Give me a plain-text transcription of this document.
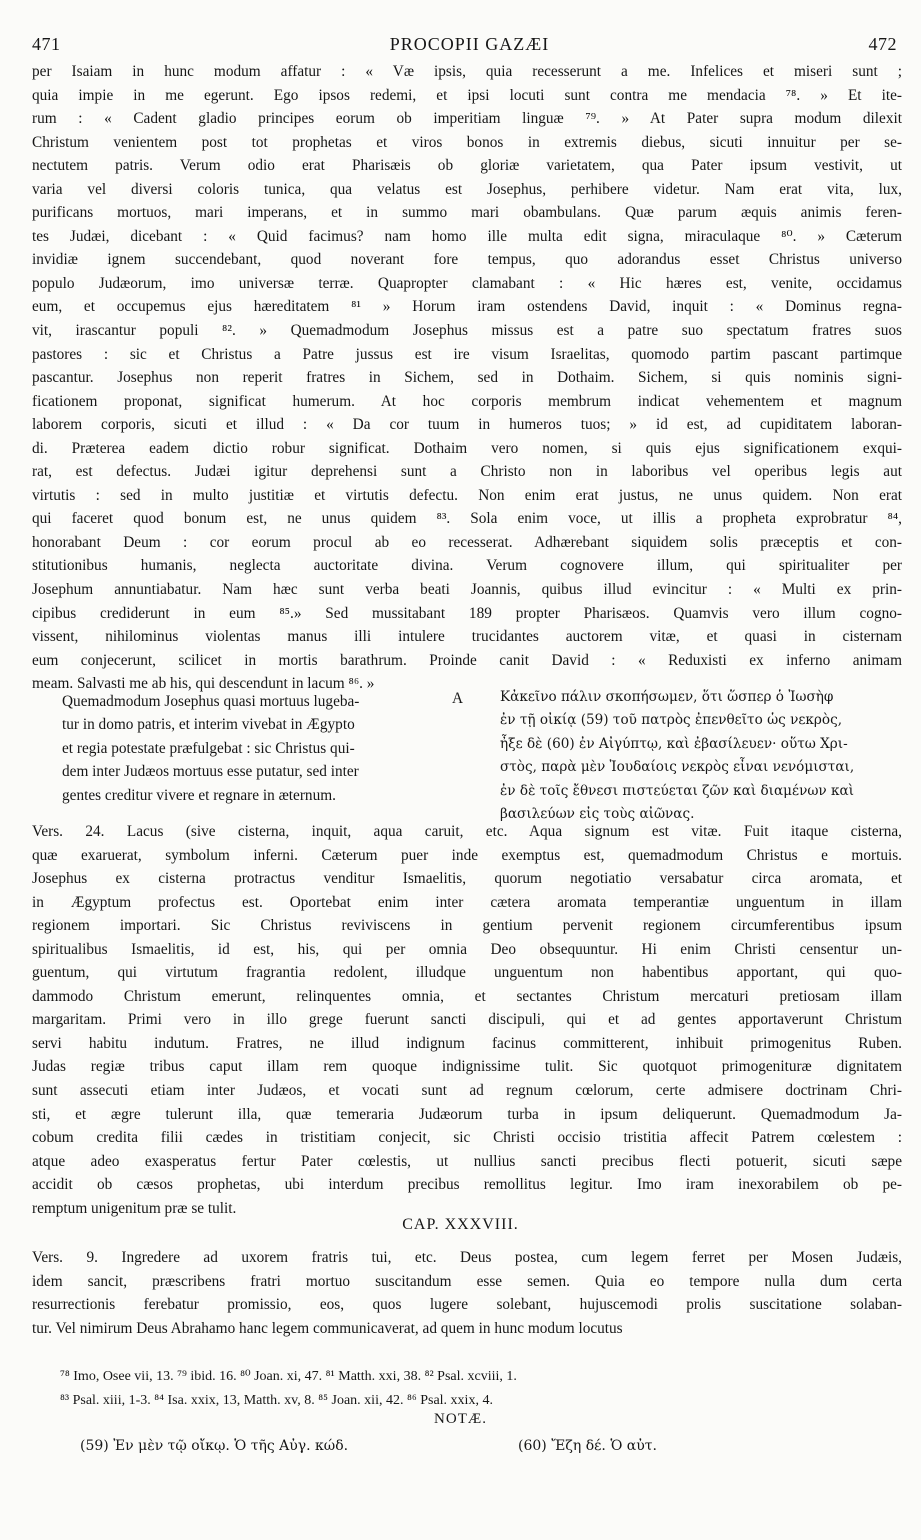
471	PROCOPII GAZÆI	472
per Isaiam in hunc modum affatur : « Væ ipsis, quia recesserunt a me. Infelices et miseri sunt ;
quia impie in me egerunt. Ego ipsos redemi, et ipsi locuti sunt contra me mendacia ⁷⁸. » Et ite-
rum : « Cadent gladio principes eorum ob imperitiam linguæ ⁷⁹. » At Pater supra modum dilexit
Christum venientem post tot prophetas et viros bonos in extremis diebus, sicuti innuitur per se-
nectutem patris. Verum odio erat Pharisæis ob gloriæ varietatem, qua Pater ipsum vestivit, ut
varia vel diversi coloris tunica, qua velatus est Josephus, perhibere videtur. Nam erat vita, lux,
purificans mortuos, mari imperans, et in summo mari obambulans. Quæ parum æquis animis feren-
tes Judæi, dicebant : « Quid facimus? nam homo ille multa edit signa, miraculaque ⁸⁰. » Cæterum
invidiæ ignem succendebant, quod noverant fore tempus, quo adorandus esset Christus universo
populo Judæorum, imo universæ terræ. Quapropter clamabant : « Hic hæres est, venite, occidamus
eum, et occupemus ejus hæreditatem ⁸¹ » Horum iram ostendens David, inquit : « Dominus regna-
vit, irascantur populi ⁸². » Quemadmodum Josephus missus est a patre suo spectatum fratres suos
pastores : sic et Christus a Patre jussus est ire visum Israelitas, quomodo partim pascant partimque
pascantur. Josephus non reperit fratres in Sichem, sed in Dothaim. Sichem, si quis nominis signi-
ficationem proponat, significat humerum. At hoc corporis membrum indicat vehementem et magnum
laborem corporis, sicuti et illud : « Da cor tuum in humeros tuos; » id est, ad cupiditatem laboran-
di. Præterea eadem dictio robur significat. Dothaim vero nomen, si quis ejus significationem exqui-
rat, est defectus. Judæi igitur deprehensi sunt a Christo non in laboribus vel operibus legis aut
virtutis : sed in multo justitiæ et virtutis defectu. Non enim erat justus, ne unus quidem. Non erat
qui faceret quod bonum est, ne unus quidem ⁸³. Sola enim voce, ut illis a propheta exprobratur ⁸⁴,
honorabant Deum : cor eorum procul ab eo recesserat. Adhærebant siquidem solis præceptis et con-
stitutionibus humanis, neglecta auctoritate divina. Verum cognovere illum, qui spiritualiter per
Josephum annuntiabatur. Nam hæc sunt verba beati Joannis, quibus illud evincitur : « Multi ex prin-
cipibus crediderunt in eum ⁸⁵.» Sed mussitabant 189 propter Pharisæos. Quamvis vero illum cogno-
vissent, nihilominus violentas manus illi intulere trucidantes auctorem vitæ, et quasi in cisternam
eum conjecerunt, scilicet in mortis barathrum. Proinde canit David : « Reduxisti ex inferno animam
meam. Salvasti me ab his, qui descendunt in lacum ⁸⁶. »
Quemadmodum Josephus quasi mortuus lugeba-
tur in domo patris, et interim vivebat in Ægypto
et regia potestate præfulgebat : sic Christus qui-
dem inter Judæos mortuus esse putatur, sed inter
gentes creditur vivere et regnare in æternum.
A	Κἀκεῖνο πάλιν σκοπήσωμεν, ὅτι ὥσπερ ὁ Ἰωσὴφ
ἐν τῇ οἰκίᾳ (59) τοῦ πατρὸς ἐπενθεῖτο ὡς νεκρὸς,
ἦξε δὲ (60) ἐν Αἰγύπτῳ, καὶ ἐβασίλευεν· οὕτω Χρι-
στὸς, παρὰ μὲν Ἰουδαίοις νεκρὸς εἶναι νενόμισται,
ἐν δὲ τοῖς ἔθνεσι πιστεύεται ζῶν καὶ διαμένων καὶ
βασιλεύων εἰς τοὺς αἰῶνας.
Vers. 24. Lacus (sive cisterna, inquit, aqua caruit, etc. Aqua signum est vitæ. Fuit itaque cisterna,
quæ exaruerat, symbolum inferni. Cæterum puer inde exemptus est, quemadmodum Christus e mortuis.
Josephus ex cisterna protractus venditur Ismaelitis, quorum negotiatio versabatur circa aromata, et
in Ægyptum profectus est. Oportebat enim inter cætera aromata temperantiæ unguentum in illam
regionem importari. Sic Christus reviviscens in gentium pervenit regionem circumferentibus ipsum
spiritualibus Ismaelitis, id est, his, qui per omnia Deo obsequuntur. Hi enim Christi censentur un-
guentum, qui virtutum fragrantia redolent, illudque unguentum non habentibus apportant, qui quo-
dammodo Christum emerunt, relinquentes omnia, et sectantes Christum mercaturi pretiosam illam
margaritam. Primi vero in illo grege fuerunt sancti discipuli, qui et ad gentes apportaverunt Christum
servi habitu indutum. Fratres, ne illud indignum facinus committerent, inhibuit primogenitus Ruben.
Judas regiæ tribus caput illam rem quoque indignissime tulit. Sic quotquot primogenituræ dignitatem
sunt assecuti etiam inter Judæos, et vocati sunt ad regnum cœlorum, certe admisere doctrinam Chri-
sti, et ægre tulerunt illa, quæ temeraria Judæorum turba in ipsum deliquerunt. Quemadmodum Ja-
cobum credita filii cædes in tristitiam conjecit, sic Christi occisio tristitia affecit Patrem cœlestem :
atque adeo exasperatus fertur Pater cœlestis, ut nullius sancti precibus flecti potuerit, sicuti sæpe
accidit ob cæsos prophetas, ubi interdum precibus remollitus legitur. Imo iram inexorabilem ob pe-
remptum unigenitum præ se tulit.
CAP. XXXVIII.
Vers. 9. Ingredere ad uxorem fratris tui, etc. Deus postea, cum legem ferret per Mosen Judæis,
idem sancit, præscribens fratri mortuo suscitandum esse semen. Quia eo tempore nulla dum certa
resurrectionis ferebatur promissio, eos, quos lugere solebant, hujuscemodi prolis suscitatione solaban-
tur. Vel nimirum Deus Abrahamo hanc legem communicaverat, ad quem in hunc modum locutus
⁷⁸ Imo, Osee vii, 13. ⁷⁹ ibid. 16. ⁸⁰ Joan. xi, 47. ⁸¹ Matth. xxi, 38. ⁸² Psal. xcviii, 1.
⁸³ Psal. xiii, 1-3. ⁸⁴ Isa. xxix, 13, Matth. xv, 8. ⁸⁵ Joan. xii, 42. ⁸⁶ Psal. xxix, 4.
NOTÆ.
(59) Ἐν μὲν τῷ οἴκῳ. Ὁ τῆς Αὐγ. κώδ.	(60) Ἔζη δέ. Ὁ αὐτ.
